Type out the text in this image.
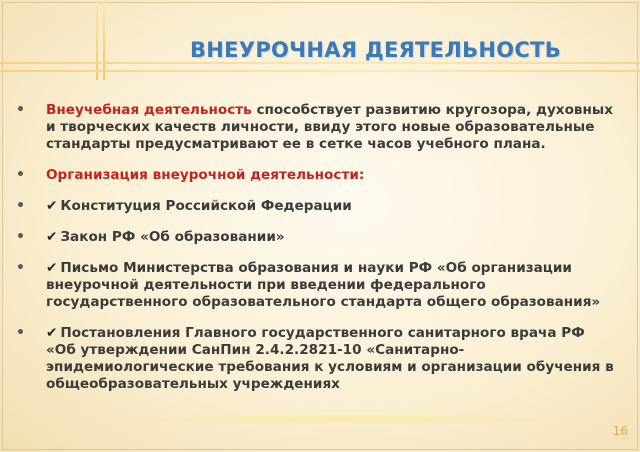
ВНЕУРОЧНАЯ ДЕЯТЕЛЬНОСТЬ
• Внеучебная деятельность способствует развитию кругозора, духовных и творческих качеств личности, ввиду этого новые образовательные стандарты предусматривают ее в сетке часов учебного плана.
• Организация внеурочной деятельности:
• ✔ Конституция Российской Федерации
• ✔ Закон РФ «Об образовании»
• ✔ Письмо Министерства образования и науки РФ «Об организации внеурочной деятельности при введении федерального государственного образовательного стандарта общего образования»
• ✔ Постановления Главного государственного санитарного врача РФ «Об утверждении СанПин 2.4.2.2821-10 «Санитарно-эпидемиологические требования к условиям и организации обучения в общеобразовательных учреждениях
16
